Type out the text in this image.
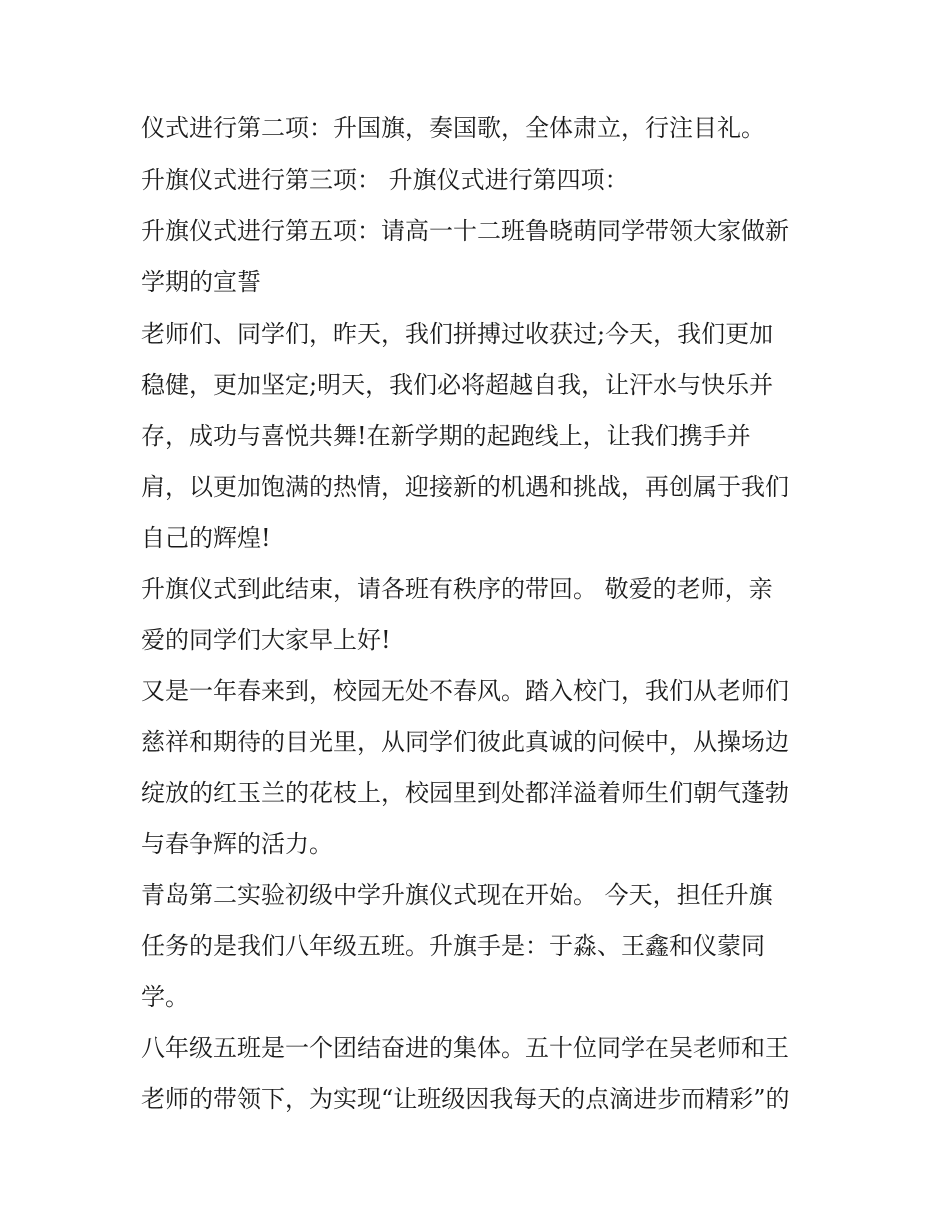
仪式进行第二项：升国旗，奏国歌，全体肃立，行注目礼。
升旗仪式进行第三项： 升旗仪式进行第四项：
升旗仪式进行第五项：请高一十二班鲁晓萌同学带领大家做新
学期的宣誓
老师们、同学们，昨天，我们拼搏过收获过;今天，我们更加
稳健，更加坚定;明天，我们必将超越自我，让汗水与快乐并
存，成功与喜悦共舞!在新学期的起跑线上，让我们携手并
肩，以更加饱满的热情，迎接新的机遇和挑战，再创属于我们
自己的辉煌!
升旗仪式到此结束，请各班有秩序的带回。 敬爱的老师，亲
爱的同学们大家早上好!
又是一年春来到，校园无处不春风。踏入校门，我们从老师们
慈祥和期待的目光里，从同学们彼此真诚的问候中，从操场边
绽放的红玉兰的花枝上，校园里到处都洋溢着师生们朝气蓬勃
与春争辉的活力。
青岛第二实验初级中学升旗仪式现在开始。 今天，担任升旗
任务的是我们八年级五班。升旗手是：于淼、王鑫和仪蒙同
学。
八年级五班是一个团结奋进的集体。五十位同学在吴老师和王
老师的带领下，为实现“让班级因我每天的点滴进步而精彩”的
